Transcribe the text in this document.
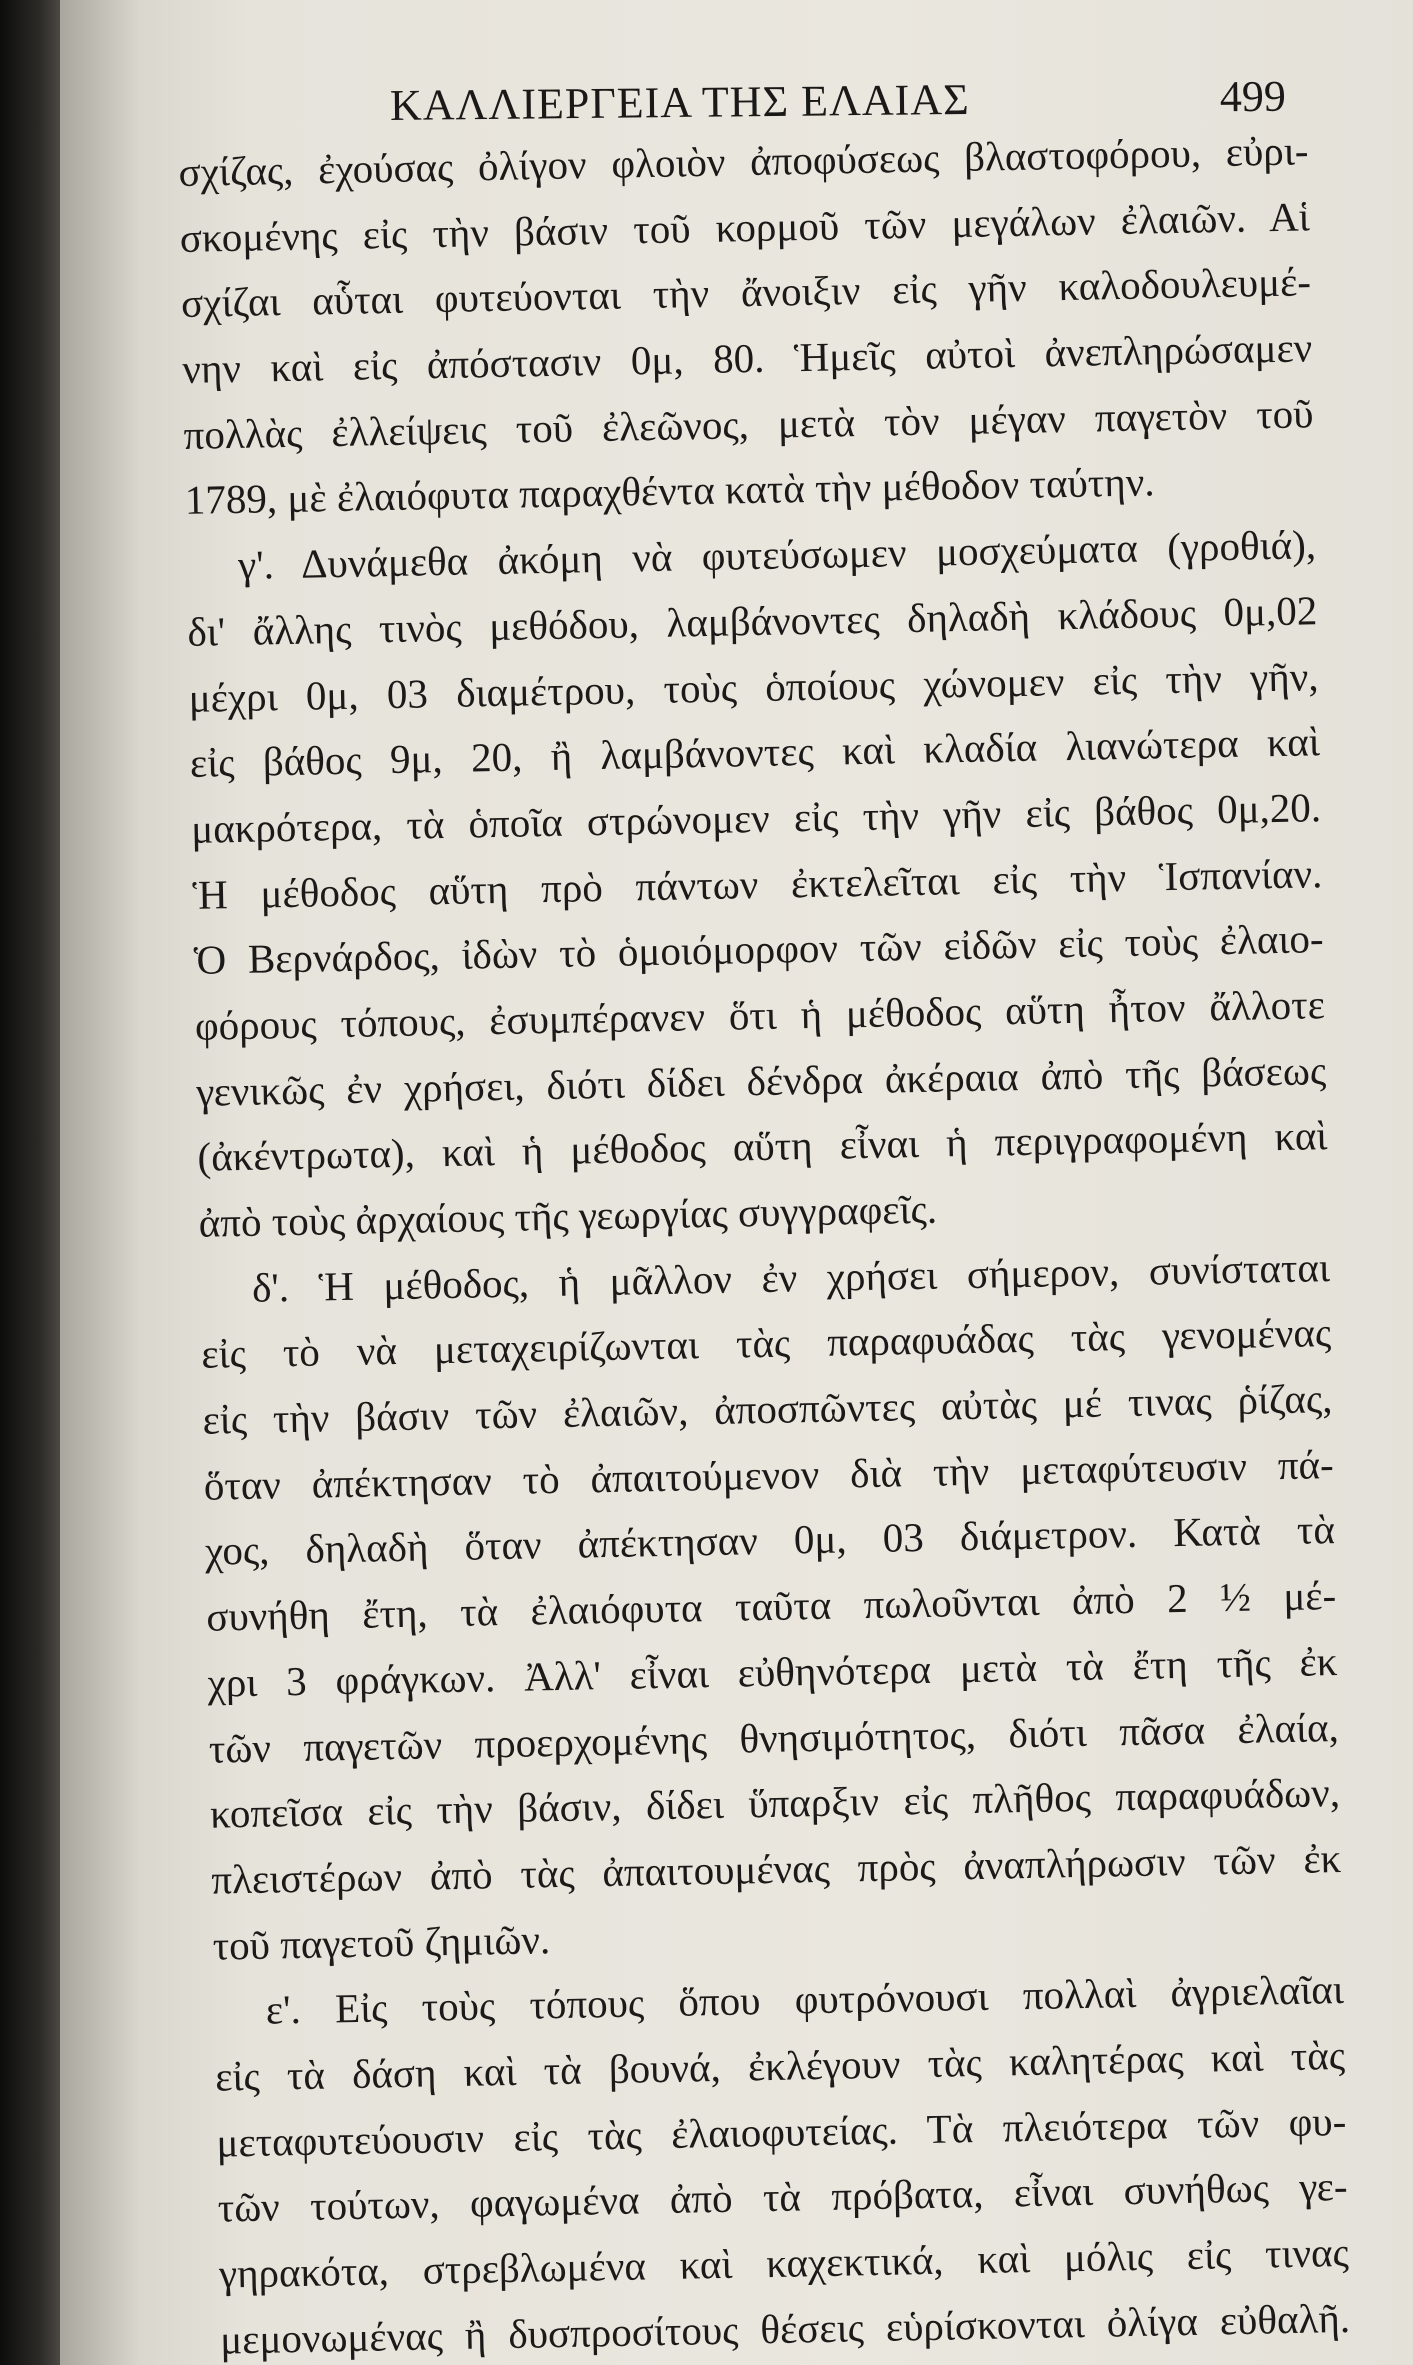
ΚΑΛΛΙΕΡΓΕΙΑ ΤΗΣ ΕΛΑΙΑΣ	499
σχίζας, ἐχούσας ὀλίγον φλοιὸν ἀποφύσεως βλαστοφόρου, εὐρι-
σκομένης εἰς τὴν βάσιν τοῦ κορμοῦ τῶν μεγάλων ἐλαιῶν. Αἱ
σχίζαι αὗται φυτεύονται τὴν ἄνοιξιν εἰς γῆν καλοδουλευμέ-
νην καὶ εἰς ἀπόστασιν 0μ, 80. Ἡμεῖς αὐτοὶ ἀνεπληρώσαμεν
πολλὰς ἐλλείψεις τοῦ ἐλεῶνος, μετὰ τὸν μέγαν παγετὸν τοῦ
1789, μὲ ἐλαιόφυτα παραχθέντα κατὰ τὴν μέθοδον ταύτην.
γ'. Δυνάμεθα ἀκόμη νὰ φυτεύσωμεν μοσχεύματα (γροθιά),
δι' ἄλλης τινὸς μεθόδου, λαμβάνοντες δηλαδὴ κλάδους 0μ,02
μέχρι 0μ, 03 διαμέτρου, τοὺς ὁποίους χώνομεν εἰς τὴν γῆν,
εἰς βάθος 9μ, 20, ἢ λαμβάνοντες καὶ κλαδία λιανώτερα καὶ
μακρότερα, τὰ ὁποῖα στρώνομεν εἰς τὴν γῆν εἰς βάθος 0μ,20.
Ἡ μέθοδος αὕτη πρὸ πάντων ἐκτελεῖται εἰς τὴν Ἱσπανίαν.
Ὁ Βερνάρδος, ἰδὼν τὸ ὁμοιόμορφον τῶν εἰδῶν εἰς τοὺς ἐλαιο-
φόρους τόπους, ἐσυμπέρανεν ὅτι ἡ μέθοδος αὕτη ἦτον ἄλλοτε
γενικῶς ἐν χρήσει, διότι δίδει δένδρα ἀκέραια ἀπὸ τῆς βάσεως
(ἀκέντρωτα), καὶ ἡ μέθοδος αὕτη εἶναι ἡ περιγραφομένη καὶ
ἀπὸ τοὺς ἀρχαίους τῆς γεωργίας συγγραφεῖς.
δ'. Ἡ μέθοδος, ἡ μᾶλλον ἐν χρήσει σήμερον, συνίσταται
εἰς τὸ νὰ μεταχειρίζωνται τὰς παραφυάδας τὰς γενομένας
εἰς τὴν βάσιν τῶν ἐλαιῶν, ἀποσπῶντες αὐτὰς μέ τινας ῥίζας,
ὅταν ἀπέκτησαν τὸ ἀπαιτούμενον διὰ τὴν μεταφύτευσιν πά-
χος, δηλαδὴ ὅταν ἀπέκτησαν 0μ, 03 διάμετρον. Κατὰ τὰ
συνήθη ἔτη, τὰ ἐλαιόφυτα ταῦτα πωλοῦνται ἀπὸ 2 ½ μέ-
χρι 3 φράγκων. Ἀλλ' εἶναι εὐθηνότερα μετὰ τὰ ἔτη τῆς ἐκ
τῶν παγετῶν προερχομένης θνησιμότητος, διότι πᾶσα ἐλαία,
κοπεῖσα εἰς τὴν βάσιν, δίδει ὕπαρξιν εἰς πλῆθος παραφυάδων,
πλειστέρων ἀπὸ τὰς ἀπαιτουμένας πρὸς ἀναπλήρωσιν τῶν ἐκ
τοῦ παγετοῦ ζημιῶν.
ε'. Εἰς τοὺς τόπους ὅπου φυτρόνουσι πολλαὶ ἀγριελαῖαι
εἰς τὰ δάση καὶ τὰ βουνά, ἐκλέγουν τὰς καλητέρας καὶ τὰς
μεταφυτεύουσιν εἰς τὰς ἐλαιοφυτείας. Τὰ πλειότερα τῶν φυ-
τῶν τούτων, φαγωμένα ἀπὸ τὰ πρόβατα, εἶναι συνήθως γε-
γηρακότα, στρεβλωμένα καὶ καχεκτικά, καὶ μόλις εἰς τινας
μεμονωμένας ἢ δυσπροσίτους θέσεις εὑρίσκονται ὀλίγα εὐθαλῆ.
